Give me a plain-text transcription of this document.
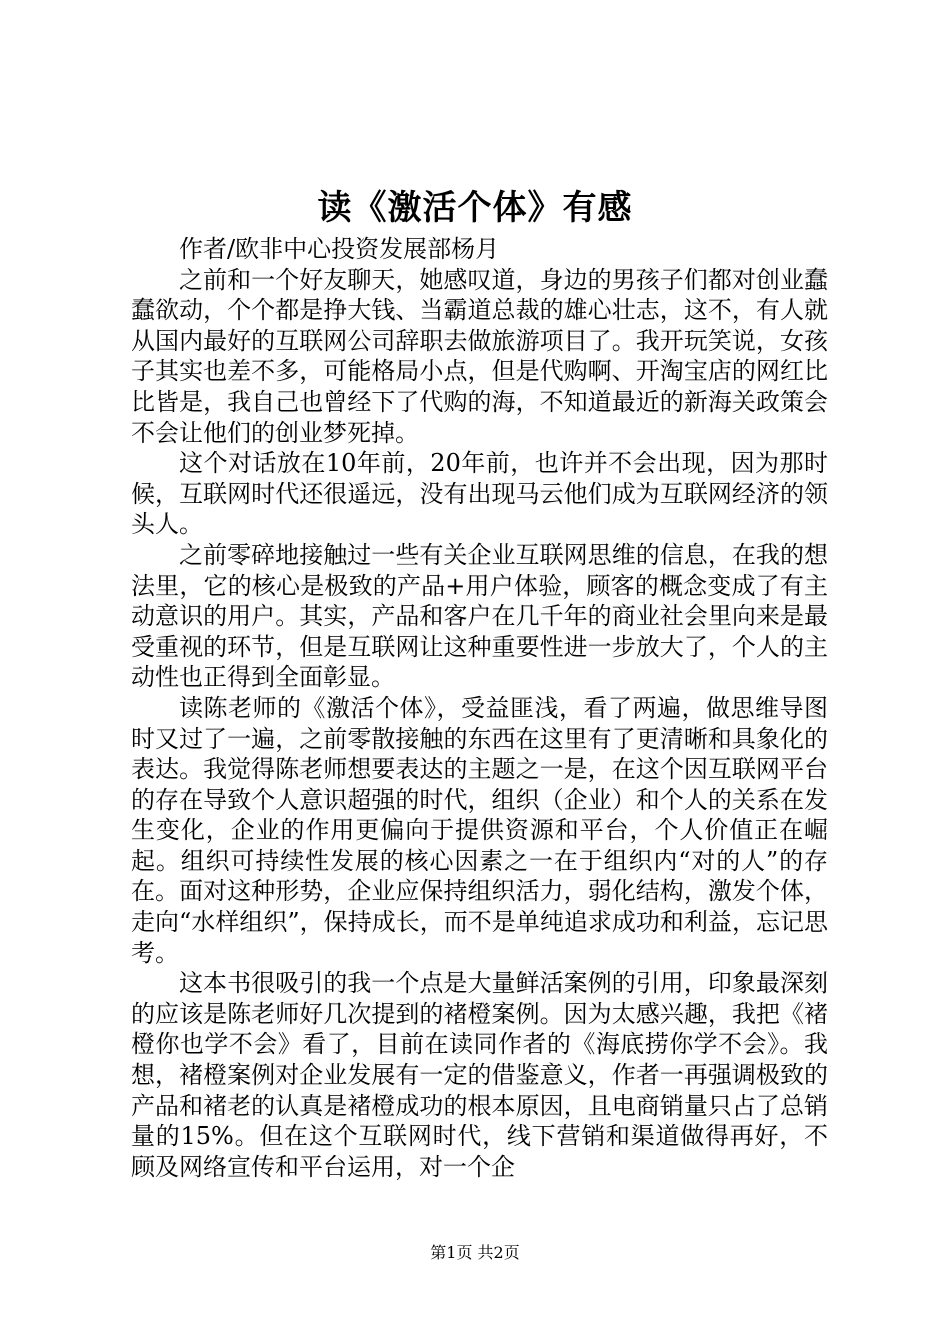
读《激活个体》有感

作者/欧非中心投资发展部杨月

之前和一个好友聊天，她感叹道，身边的男孩子们都对创业蠢蠢欲动，个个都是挣大钱、当霸道总裁的雄心壮志，这不，有人就从国内最好的互联网公司辞职去做旅游项目了。我开玩笑说，女孩子其实也差不多，可能格局小点，但是代购啊、开淘宝店的网红比比皆是，我自己也曾经下了代购的海，不知道最近的新海关政策会不会让他们的创业梦死掉。

这个对话放在10年前，20年前，也许并不会出现，因为那时候，互联网时代还很遥远，没有出现马云他们成为互联网经济的领头人。

之前零碎地接触过一些有关企业互联网思维的信息，在我的想法里，它的核心是极致的产品+用户体验，顾客的概念变成了有主动意识的用户。其实，产品和客户在几千年的商业社会里向来是最受重视的环节，但是互联网让这种重要性进一步放大了，个人的主动性也正得到全面彰显。

读陈老师的《激活个体》，受益匪浅，看了两遍，做思维导图时又过了一遍，之前零散接触的东西在这里有了更清晰和具象化的表达。我觉得陈老师想要表达的主题之一是，在这个因互联网平台的存在导致个人意识超强的时代，组织（企业）和个人的关系在发生变化，企业的作用更偏向于提供资源和平台，个人价值正在崛起。组织可持续性发展的核心因素之一在于组织内“对的人”的存在。面对这种形势，企业应保持组织活力，弱化结构，激发个体，走向“水样组织”，保持成长，而不是单纯追求成功和利益，忘记思考。

这本书很吸引的我一个点是大量鲜活案例的引用，印象最深刻的应该是陈老师好几次提到的褚橙案例。因为太感兴趣，我把《褚橙你也学不会》看了，目前在读同作者的《海底捞你学不会》。我想，褚橙案例对企业发展有一定的借鉴意义，作者一再强调极致的产品和褚老的认真是褚橙成功的根本原因，且电商销量只占了总销量的15%。但在这个互联网时代，线下营销和渠道做得再好，不顾及网络宣传和平台运用，对一个企

第1页 共2页
